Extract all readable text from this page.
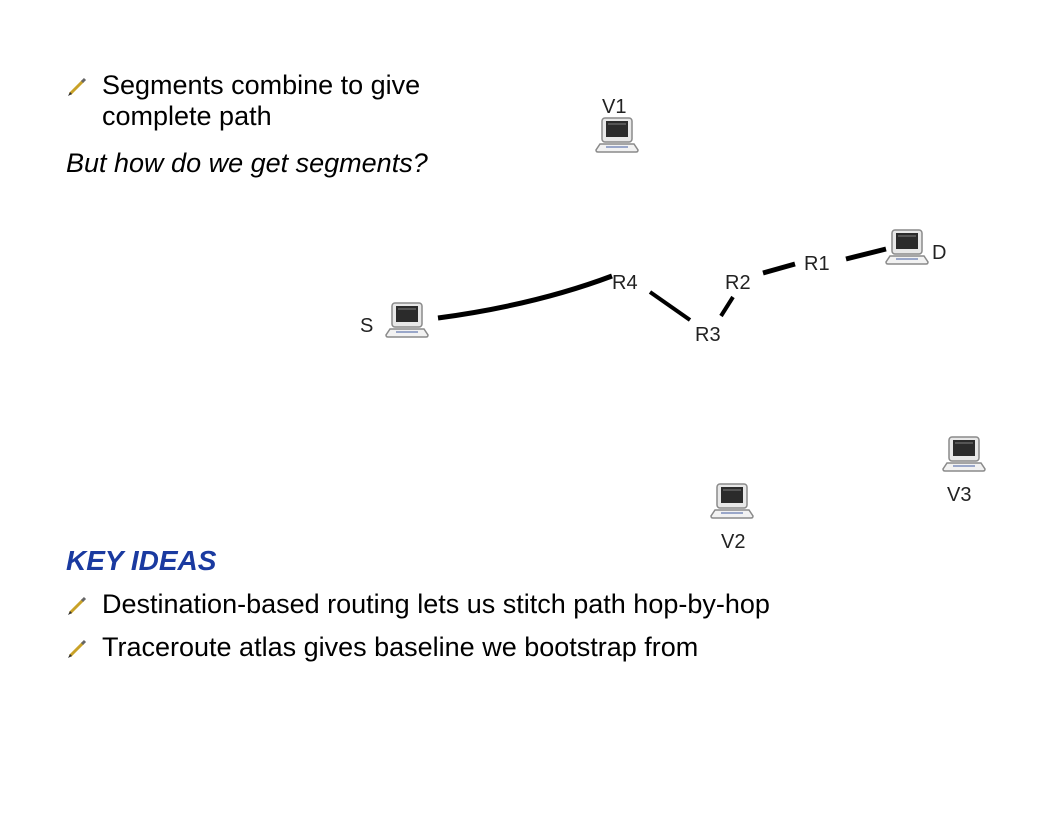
Segments combine to give complete path
But how do we get segments?
KEY IDEAS
Destination-based routing lets us stitch path hop-by-hop
Traceroute atlas gives baseline we bootstrap from
V1
D
S
V2
V3
R4	R2
R1
R3
